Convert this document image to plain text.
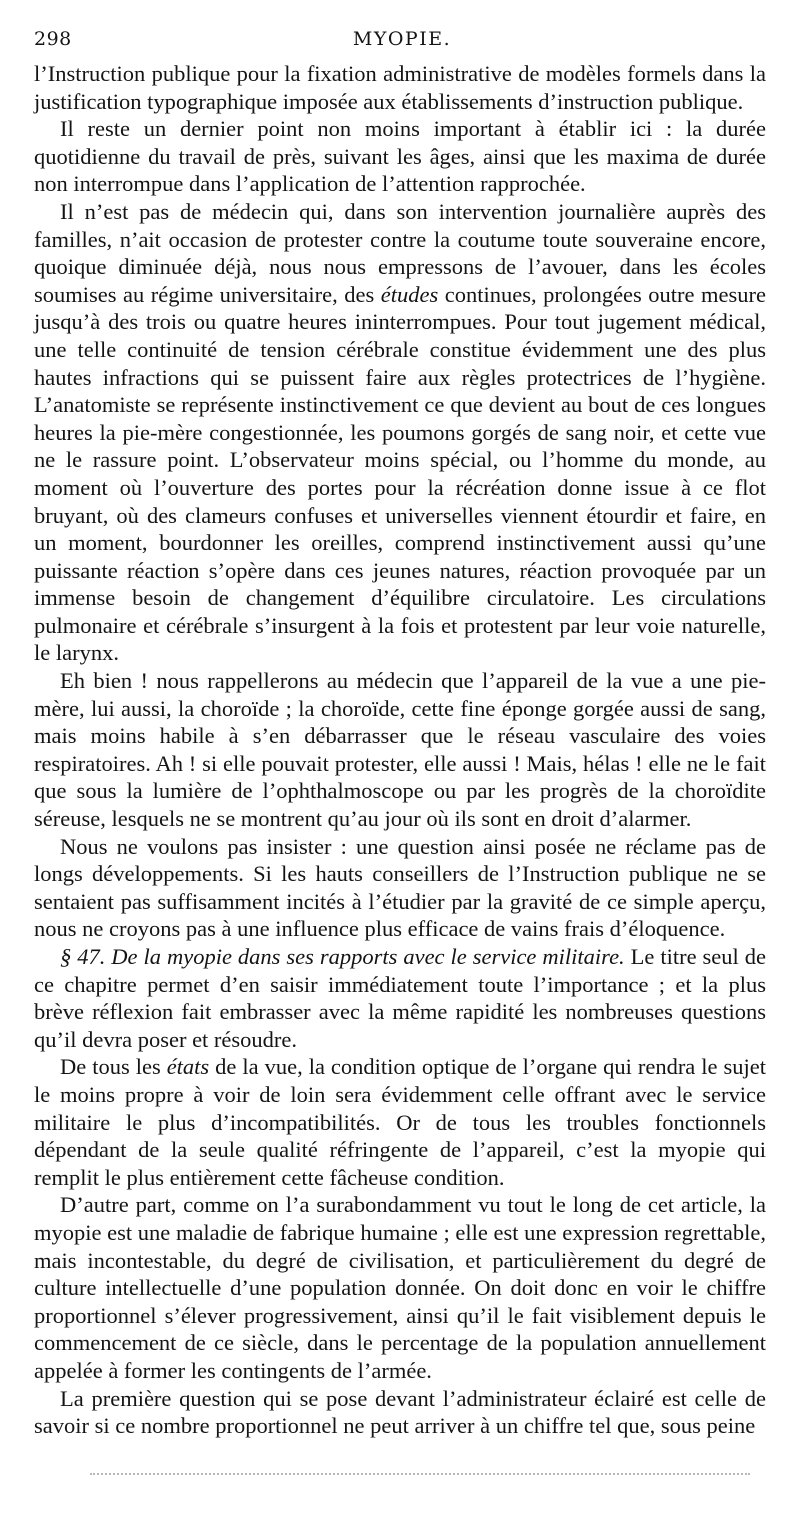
298	MYOPIE.

l’Instruction publique pour la fixation administrative de modèles formels dans la justification typographique imposée aux établissements d’instruction publique.

Il reste un dernier point non moins important à établir ici : la durée quotidienne du travail de près, suivant les âges, ainsi que les maxima de durée non interrompue dans l’application de l’attention rapprochée.

Il n’est pas de médecin qui, dans son intervention journalière auprès des familles, n’ait occasion de protester contre la coutume toute souveraine encore, quoique diminuée déjà, nous nous empressons de l’avouer, dans les écoles soumises au régime universitaire, des études continues, prolongées outre mesure jusqu’à des trois ou quatre heures ininterrompues. Pour tout jugement médical, une telle continuité de tension cérébrale constitue évidemment une des plus hautes infractions qui se puissent faire aux règles protectrices de l’hygiène. L’anatomiste se représente instinctivement ce que devient au bout de ces longues heures la pie-mère congestionnée, les poumons gorgés de sang noir, et cette vue ne le rassure point. L’observateur moins spécial, ou l’homme du monde, au moment où l’ouverture des portes pour la récréation donne issue à ce flot bruyant, où des clameurs confuses et universelles viennent étourdir et faire, en un moment, bourdonner les oreilles, comprend instinctivement aussi qu’une puissante réaction s’opère dans ces jeunes natures, réaction provoquée par un immense besoin de changement d’équilibre circulatoire. Les circulations pulmonaire et cérébrale s’insurgent à la fois et protestent par leur voie naturelle, le larynx.

Eh bien ! nous rappellerons au médecin que l’appareil de la vue a une pie-mère, lui aussi, la choroïde ; la choroïde, cette fine éponge gorgée aussi de sang, mais moins habile à s’en débarrasser que le réseau vasculaire des voies respiratoires. Ah ! si elle pouvait protester, elle aussi ! Mais, hélas ! elle ne le fait que sous la lumière de l’ophthalmoscope ou par les progrès de la choroïdite séreuse, lesquels ne se montrent qu’au jour où ils sont en droit d’alarmer.

Nous ne voulons pas insister : une question ainsi posée ne réclame pas de longs développements. Si les hauts conseillers de l’Instruction publique ne se sentaient pas suffisamment incités à l’étudier par la gravité de ce simple aperçu, nous ne croyons pas à une influence plus efficace de vains frais d’éloquence.

§ 47. De la myopie dans ses rapports avec le service militaire. Le titre seul de ce chapitre permet d’en saisir immédiatement toute l’importance ; et la plus brève réflexion fait embrasser avec la même rapidité les nombreuses questions qu’il devra poser et résoudre.

De tous les états de la vue, la condition optique de l’organe qui rendra le sujet le moins propre à voir de loin sera évidemment celle offrant avec le service militaire le plus d’incompatibilités. Or de tous les troubles fonctionnels dépendant de la seule qualité réfringente de l’appareil, c’est la myopie qui remplit le plus entièrement cette fâcheuse condition.

D’autre part, comme on l’a surabondamment vu tout le long de cet article, la myopie est une maladie de fabrique humaine ; elle est une expression regrettable, mais incontestable, du degré de civilisation, et particulièrement du degré de culture intellectuelle d’une population donnée. On doit donc en voir le chiffre proportionnel s’élever progressivement, ainsi qu’il le fait visiblement depuis le commencement de ce siècle, dans le percentage de la population annuellement appelée à former les contingents de l’armée.

La première question qui se pose devant l’administrateur éclairé est celle de savoir si ce nombre proportionnel ne peut arriver à un chiffre tel que, sous peine
